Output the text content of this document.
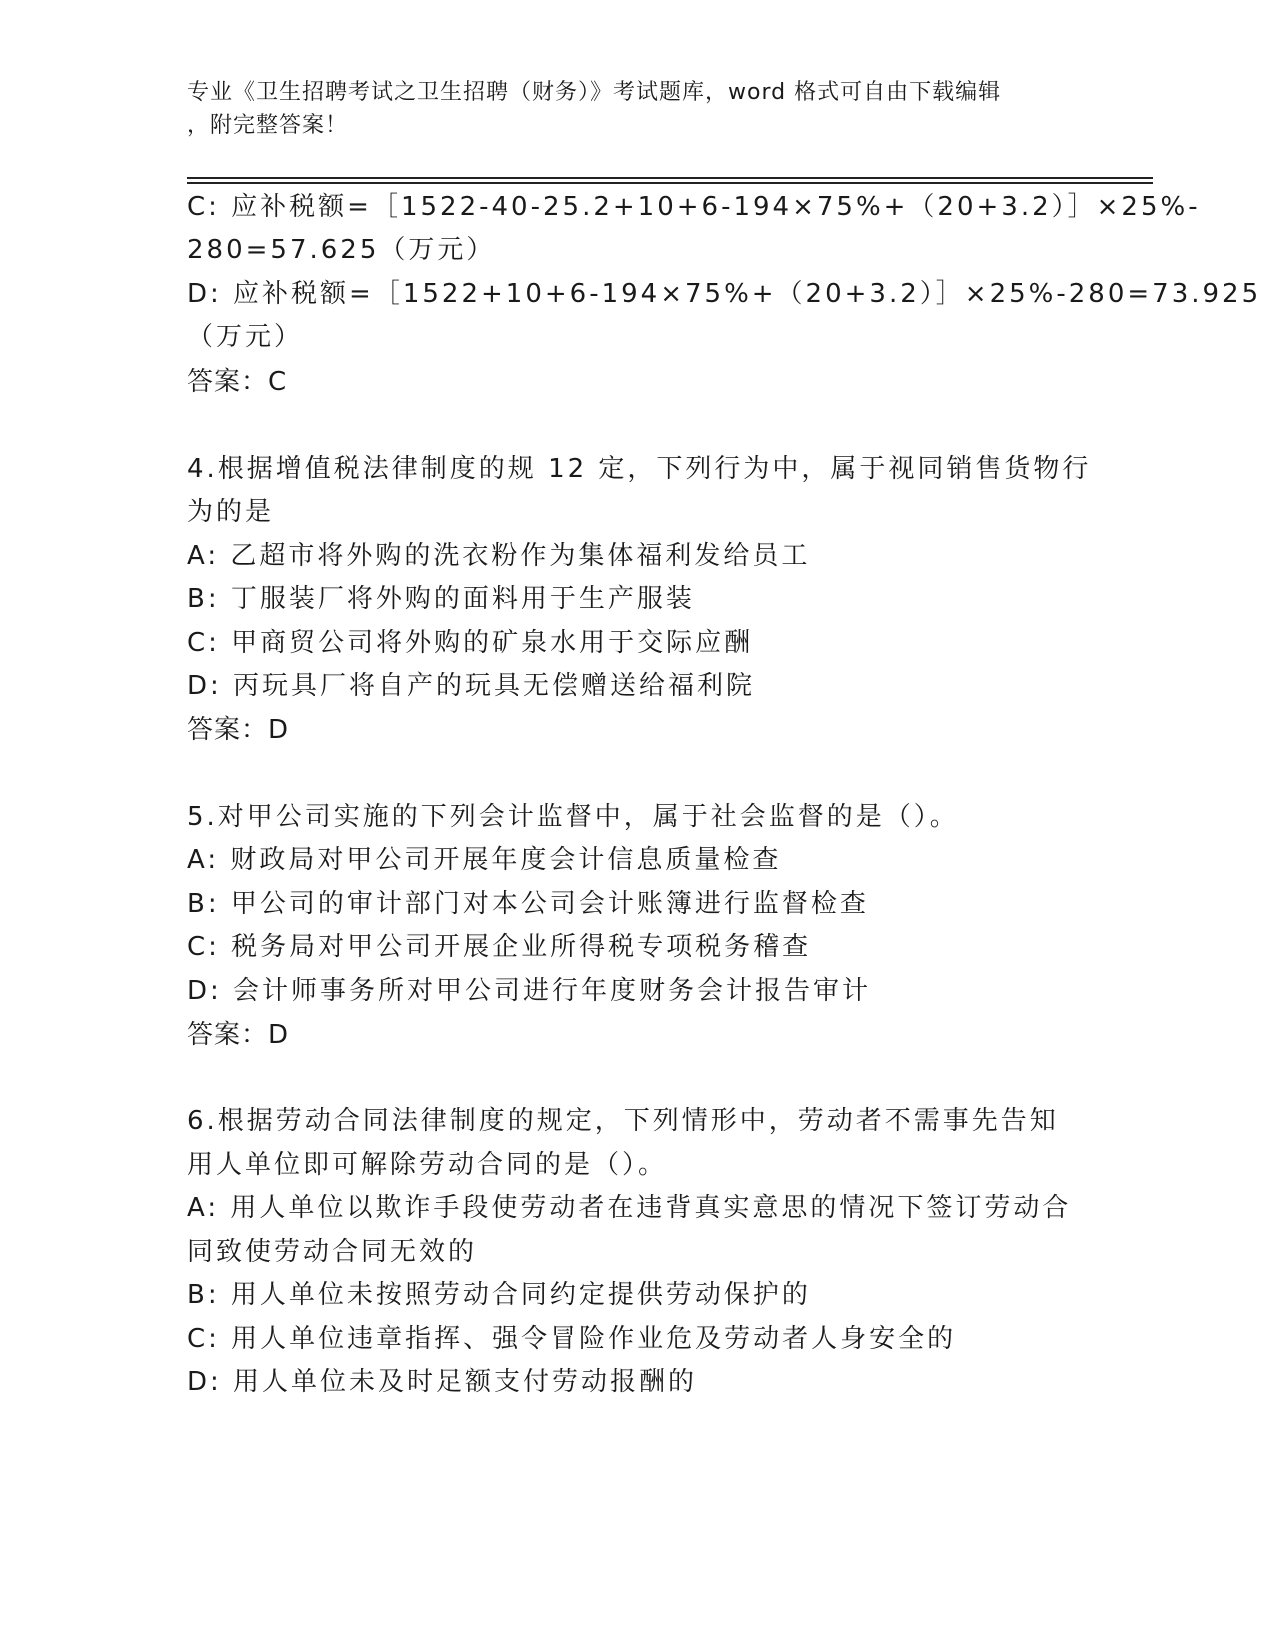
专业《卫生招聘考试之卫生招聘（财务）》考试题库，word 格式可自由下载编辑
，附完整答案！
C: 应补税额=［1522-40-25.2+10+6-194×75%+（20+3.2）］×25%-
280=57.625（万元）
D: 应补税额=［1522+10+6-194×75%+（20+3.2）］×25%-280=73.925
（万元）
答案：C
4.根据增值税法律制度的规 12 定，下列行为中，属于视同销售货物行
为的是
A: 乙超市将外购的洗衣粉作为集体福利发给员工
B: 丁服装厂将外购的面料用于生产服装
C: 甲商贸公司将外购的矿泉水用于交际应酬
D: 丙玩具厂将自产的玩具无偿赠送给福利院
答案：D
5.对甲公司实施的下列会计监督中，属于社会监督的是（）。
A: 财政局对甲公司开展年度会计信息质量检查
B: 甲公司的审计部门对本公司会计账簿进行监督检查
C: 税务局对甲公司开展企业所得税专项税务稽查
D: 会计师事务所对甲公司进行年度财务会计报告审计
答案：D
6.根据劳动合同法律制度的规定，下列情形中，劳动者不需事先告知
用人单位即可解除劳动合同的是（）。
A: 用人单位以欺诈手段使劳动者在违背真实意思的情况下签订劳动合
同致使劳动合同无效的
B: 用人单位未按照劳动合同约定提供劳动保护的
C: 用人单位违章指挥、强令冒险作业危及劳动者人身安全的
D: 用人单位未及时足额支付劳动报酬的
